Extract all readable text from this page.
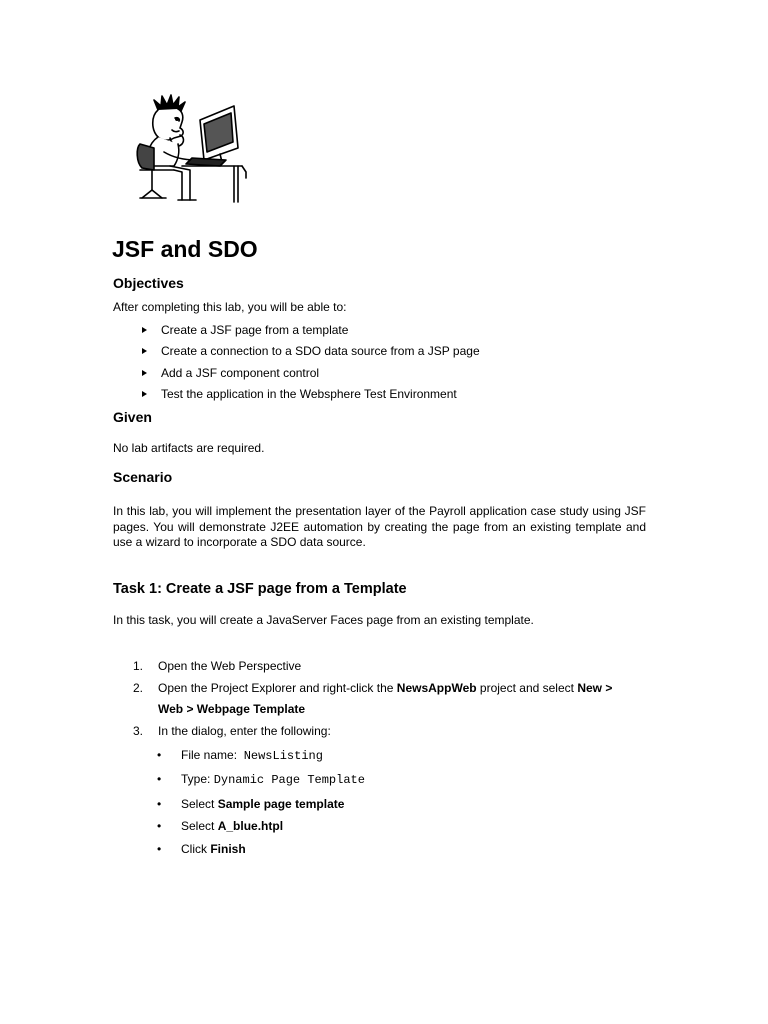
JSF and SDO
Objectives

After completing this lab, you will be able to:

Create a JSF page from a template
Create a connection to a SDO data source from a JSP page
Add a JSF component control
Test the application in the Websphere Test Environment
Given

No lab artifacts are required.

Scenario

In this lab, you will implement the presentation layer of the Payroll application case study using JSF pages. You will demonstrate J2EE automation by creating the page from an existing template and use a wizard to incorporate a SDO data source.

Task 1: Create a JSF page from a Template

In this task, you will create a JavaServer Faces page from an existing template.

1. Open the Web Perspective
2. Open the Project Explorer and right-click the NewsAppWeb project and select New >
Web > Webpage Template
3. In the dialog, enter the following:
• File name: NewsListing
• Type: Dynamic Page Template
• Select Sample page template
• Select A_blue.htpl
• Click Finish
